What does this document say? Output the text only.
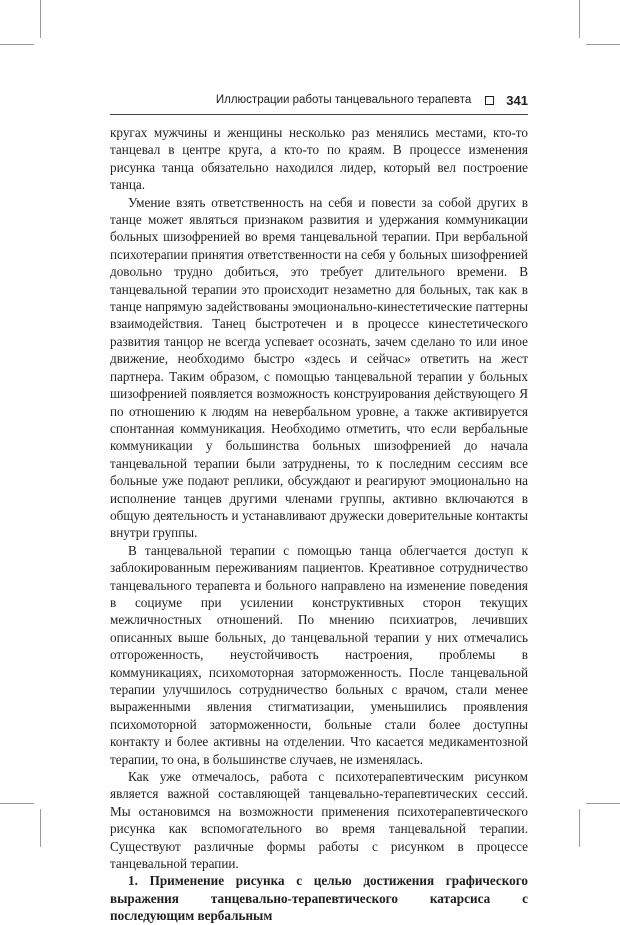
Иллюстрации работы танцевального терапевта	341

кругах мужчины и женщины несколько раз менялись местами, кто-то танцевал в центре круга, а кто-то по краям. В процессе изменения рисунка танца обязательно находился лидер, который вел построение танца.

Умение взять ответственность на себя и повести за собой других в танце может являться признаком развития и удержания коммуникации больных шизофренией во время танцевальной терапии. При вербальной психотерапии принятия ответственности на себя у больных шизофренией довольно трудно добиться, это требует длительного времени. В танцевальной терапии это происходит незаметно для больных, так как в танце напрямую задействованы эмоционально-кинестетические паттерны взаимодействия. Танец быстротечен и в процессе кинестетического развития танцор не всегда успевает осознать, зачем сделано то или иное движение, необходимо быстро «здесь и сейчас» ответить на жест партнера. Таким образом, с помощью танцевальной терапии у больных шизофренией появляется возможность конструирования действующего Я по отношению к людям на невербальном уровне, а также активируется спонтанная коммуникация. Необходимо отметить, что если вербальные коммуникации у большинства больных шизофренией до начала танцевальной терапии были затруднены, то к последним сессиям все больные уже подают реплики, обсуждают и реагируют эмоционально на исполнение танцев другими членами группы, активно включаются в общую деятельность и устанавливают дружески доверительные контакты внутри группы.

В танцевальной терапии с помощью танца облегчается доступ к заблокированным переживаниям пациентов. Креативное сотрудничество танцевального терапевта и больного направлено на изменение поведения в социуме при усилении конструктивных сторон текущих межличностных отношений. По мнению психиатров, лечивших описанных выше больных, до танцевальной терапии у них отмечались отгороженность, неустойчивость настроения, проблемы в коммуникациях, психомоторная заторможенность. После танцевальной терапии улучшилось сотрудничество больных с врачом, стали менее выраженными явления стигматизации, уменьшились проявления психомоторной заторможенности, больные стали более доступны контакту и более активны на отделении. Что касается медикаментозной терапии, то она, в большинстве случаев, не изменялась.

Как уже отмечалось, работа с психотерапевтическим рисунком является важной составляющей танцевально-терапевтических сессий. Мы остановимся на возможности применения психотерапевтического рисунка как вспомогательного во время танцевальной терапии. Существуют различные формы работы с рисунком в процессе танцевальной терапии.

1. Применение рисунка с целью достижения графического выражения танцевально-терапевтического катарсиса с последующим вербальным
